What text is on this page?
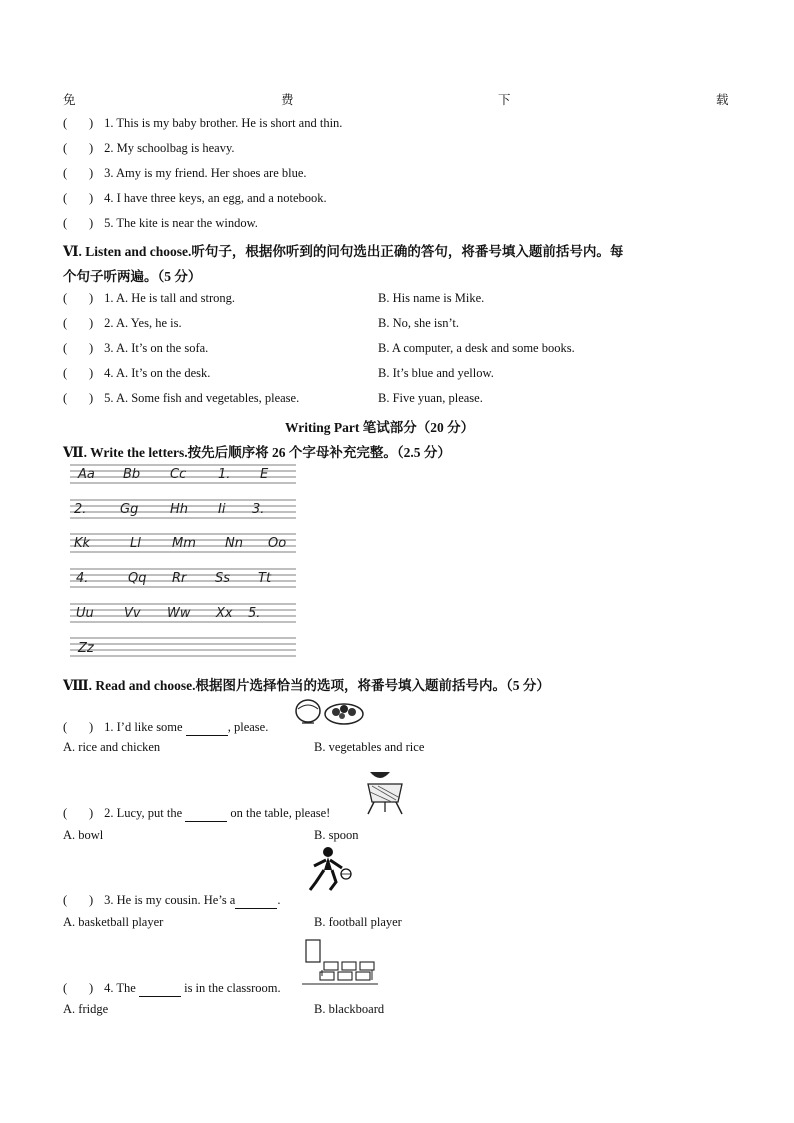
免	费	下	载
(       ) 1. This is my baby brother. He is short and thin.
(       ) 2. My schoolbag is heavy.
(       ) 3. Amy is my friend. Her shoes are blue.
(       ) 4. I have three keys, an egg, and a notebook.
(       ) 5. The kite is near the window.
Ⅵ. Listen and choose.听句子，根据你听到的问句选出正确的答句，将番号填入题前括号内。每
个句子听两遍。（5 分）
(       ) 1. A. He is tall and strong.	B. His name is Mike.
(       ) 2. A. Yes, he is.	B. No, she isn’t.
(       ) 3. A. It’s on the sofa.	B. A computer, a desk and some books.
(       ) 4. A. It’s on the desk.	B. It’s blue and yellow.
(       ) 5. A. Some fish and vegetables, please.	B. Five yuan, please.
Writing Part 笔试部分（20 分）
Ⅶ. Write the letters.按先后顺序将 26 个字母补充完整。（2.5 分）
Aa Bb Cc 1. E
2.	Gg Hh Ii 3.
Kk	Ll Mm Nn Oo
4.	Qq Rr Ss Tt
Uu Vv Ww Xx 5.
Zz
Ⅷ. Read and choose.根据图片选择恰当的选项，将番号填入题前括号内。（5 分）
(       ) 1. I’d like some	, please.
A. rice and chicken	B. vegetables and rice
(       ) 2. Lucy, put the	on the table, please!
A. bowl	B. spoon
(       ) 3. He is my cousin. He’s a	.
A. basketball player	B. football player
(       ) 4. The	is in the classroom.
A. fridge	B. blackboard
